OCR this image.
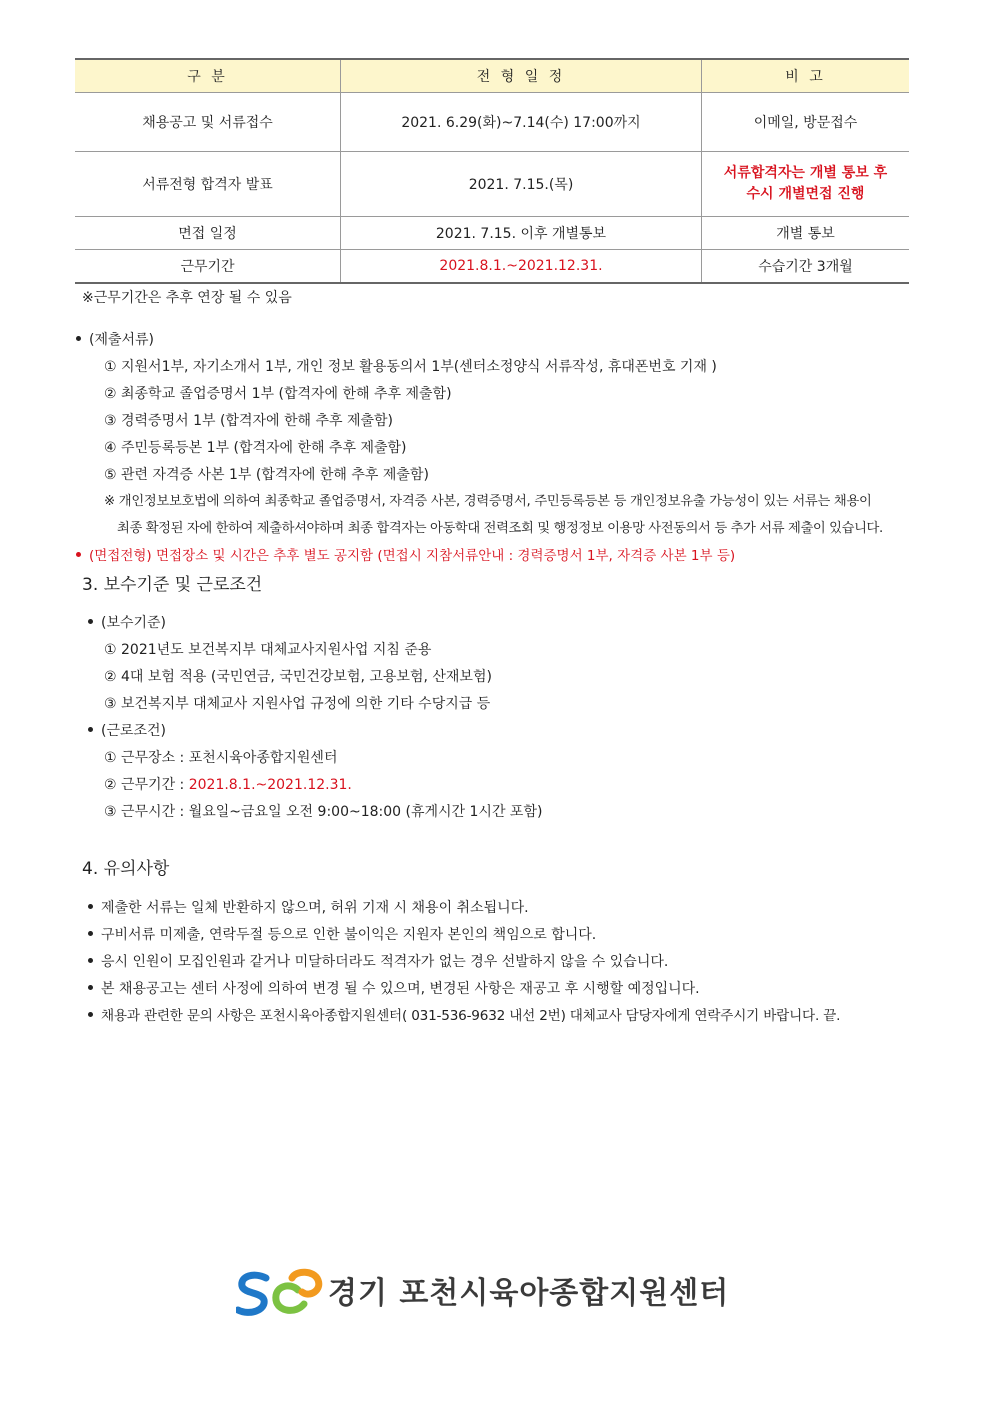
구 분	전 형 일 정	비 고
채용공고 및 서류접수	2021. 6.29(화)~7.14(수) 17:00까지	이메일, 방문접수
서류전형 합격자 발표	2021. 7.15.(목)	서류합격자는 개별 통보 후
수시 개별면접 진행

면접 일정	2021. 7.15. 이후 개별통보	개별 통보
근무기간	2021.8.1.~2021.12.31.	수습기간 3개월
※근무기간은 추후 연장 될 수 있음
(제출서류)
① 지원서1부, 자기소개서 1부, 개인 정보 활용동의서 1부(센터소정양식 서류작성, 휴대폰번호 기재 )
② 최종학교 졸업증명서 1부 (합격자에 한해 추후 제출함)
③ 경력증명서 1부 (합격자에 한해 추후 제출함)
④ 주민등록등본 1부 (합격자에 한해 추후 제출함)
⑤ 관련 자격증 사본 1부 (합격자에 한해 추후 제출함)
※ 개인정보보호법에 의하여 최종학교 졸업증명서, 자격증 사본, 경력증명서, 주민등록등본 등 개인정보유출 가능성이 있는 서류는 채용이
최종 확정된 자에 한하여 제출하셔야하며 최종 합격자는 아동학대 전력조회 및 행정정보 이용망 사전동의서 등 추가 서류 제출이 있습니다.
(면접전형) 면접장소 및 시간은 추후 별도 공지함 (면접시 지참서류안내 : 경력증명서 1부, 자격증 사본 1부 등)
3. 보수기준 및 근로조건
(보수기준)
① 2021년도 보건복지부 대체교사지원사업 지침 준용
② 4대 보험 적용 (국민연금, 국민건강보험, 고용보험, 산재보험)
③ 보건복지부 대체교사 지원사업 규정에 의한 기타 수당지급 등
(근로조건)
① 근무장소 : 포천시육아종합지원센터
② 근무기간 : 2021.8.1.~2021.12.31.
③ 근무시간 : 월요일~금요일 오전 9:00~18:00 (휴게시간 1시간 포함)
4. 유의사항
제출한 서류는 일체 반환하지 않으며, 허위 기재 시 채용이 취소됩니다.
구비서류 미제출, 연락두절 등으로 인한 불이익은 지원자 본인의 책임으로 합니다.
응시 인원이 모집인원과 같거나 미달하더라도 적격자가 없는 경우 선발하지 않을 수 있습니다.
본 채용공고는 센터 사정에 의하여 변경 될 수 있으며, 변경된 사항은 재공고 후 시행할 예정입니다.
채용과 관련한 문의 사항은 포천시육아종합지원센터( 031-536-9632 내선 2번) 대체교사 담당자에게 연락주시기 바랍니다. 끝.
경기 포천시육아종합지원센터
